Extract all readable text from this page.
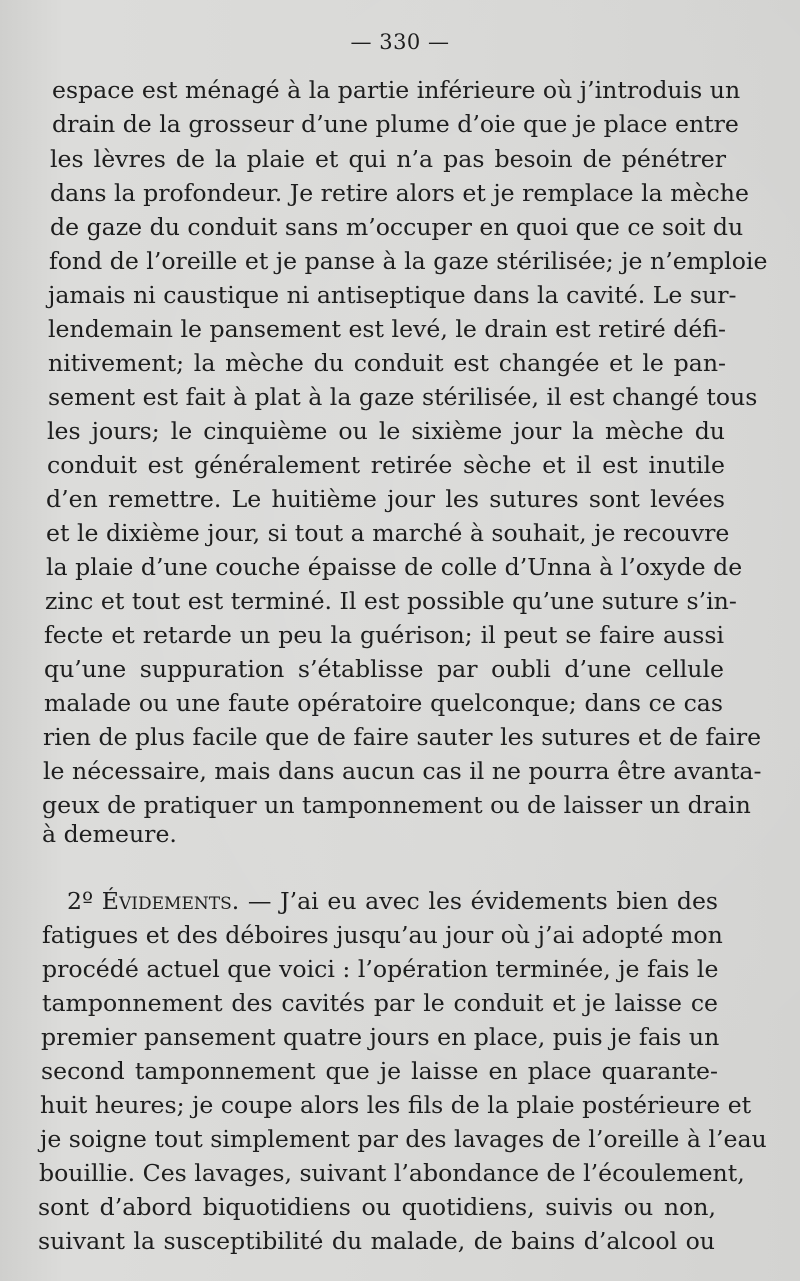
— 330 —
espace est ménagé à la partie inférieure où j’introduis un
drain de la grosseur d’une plume d’oie que je place entre
les lèvres de la plaie et qui n’a pas besoin de pénétrer
dans la profondeur. Je retire alors et je remplace la mèche
de gaze du conduit sans m’occuper en quoi que ce soit du
fond de l’oreille et je panse à la gaze stérilisée; je n’emploie
jamais ni caustique ni antiseptique dans la cavité. Le sur-
lendemain le pansement est levé, le drain est retiré défi-
nitivement; la mèche du conduit est changée et le pan-
sement est fait à plat à la gaze stérilisée, il est changé tous
les jours; le cinquième ou le sixième jour la mèche du
conduit est généralement retirée sèche et il est inutile
d’en remettre. Le huitième jour les sutures sont levées
et le dixième jour, si tout a marché à souhait, je recouvre
la plaie d’une couche épaisse de colle d’Unna à l’oxyde de
zinc et tout est terminé. Il est possible qu’une suture s’in-
fecte et retarde un peu la guérison; il peut se faire aussi
qu’une suppuration s’établisse par oubli d’une cellule
malade ou une faute opératoire quelconque; dans ce cas
rien de plus facile que de faire sauter les sutures et de faire
le nécessaire, mais dans aucun cas il ne pourra être avanta-
geux de pratiquer un tamponnement ou de laisser un drain
à demeure.
2º Évidements. — J’ai eu avec les évidements bien des
fatigues et des déboires jusqu’au jour où j’ai adopté mon
procédé actuel que voici : l’opération terminée, je fais le
tamponnement des cavités par le conduit et je laisse ce
premier pansement quatre jours en place, puis je fais un
second tamponnement que je laisse en place quarante-
huit heures; je coupe alors les fils de la plaie postérieure et
je soigne tout simplement par des lavages de l’oreille à l’eau
bouillie. Ces lavages, suivant l’abondance de l’écoulement,
sont d’abord biquotidiens ou quotidiens, suivis ou non,
suivant la susceptibilité du malade, de bains d’alcool ou
